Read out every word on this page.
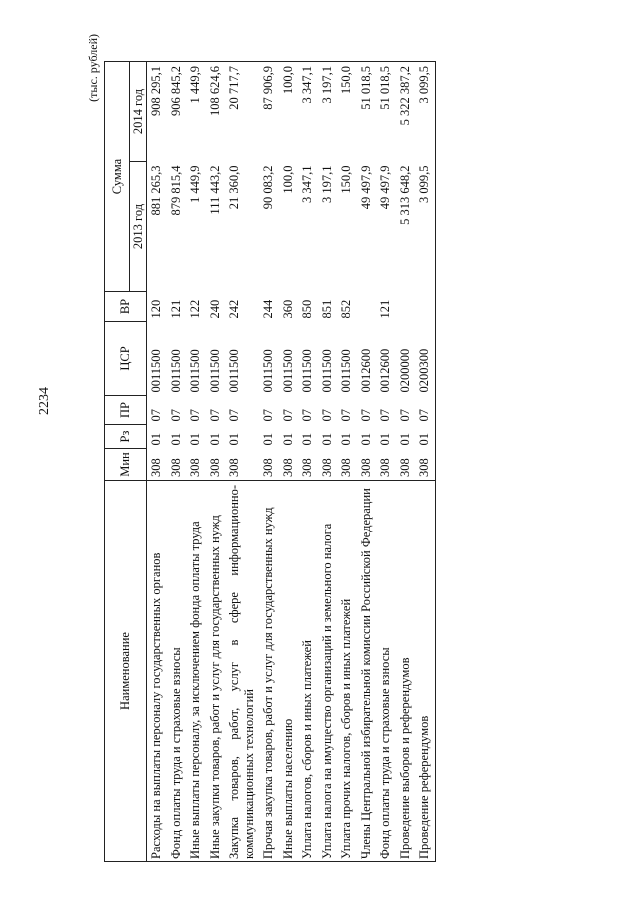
2234
(тыс. рублей)
Наименование	Мин	Рз	ПР	ЦСР	ВР	Сумма	
						2013 год	2014 год
Расходы на выплаты персоналу государственных органов	308	01	07	0011500	120	881 265,3	908 295,1
Фонд оплаты труда и страховые взносы	308	01	07	0011500	121	879 815,4	906 845,2
Иные выплаты персоналу, за исключением фонда оплаты труда	308	01	07	0011500	122	1 449,9	1 449,9
Иные закупки товаров, работ и услуг для государственных нужд	308	01	07	0011500	240	111 443,2	108 624,6
Закупка товаров, работ, услуг в сфере информационно-коммуникационных технологий	308	01	07	0011500	242	21 360,0	20 717,7
Прочая закупка товаров, работ и услуг для государственных нужд	308	01	07	0011500	244	90 083,2	87 906,9
Иные выплаты населению	308	01	07	0011500	360	100,0	100,0
Уплата налогов, сборов и иных платежей	308	01	07	0011500	850	3 347,1	3 347,1
Уплата налога на имущество организаций и земельного налога	308	01	07	0011500	851	3 197,1	3 197,1
Уплата прочих налогов, сборов и иных платежей	308	01	07	0011500	852	150,0	150,0
Члены Центральной избирательной комиссии Российской Федерации	308	01	07	0012600		49 497,9	51 018,5
Фонд оплаты труда и страховые взносы	308	01	07	0012600	121	49 497,9	51 018,5
Проведение выборов и референдумов	308	01	07	0200000		5 313 648,2	5 322 387,2
Проведение референдумов	308	01	07	0200300		3 099,5	3 099,5
